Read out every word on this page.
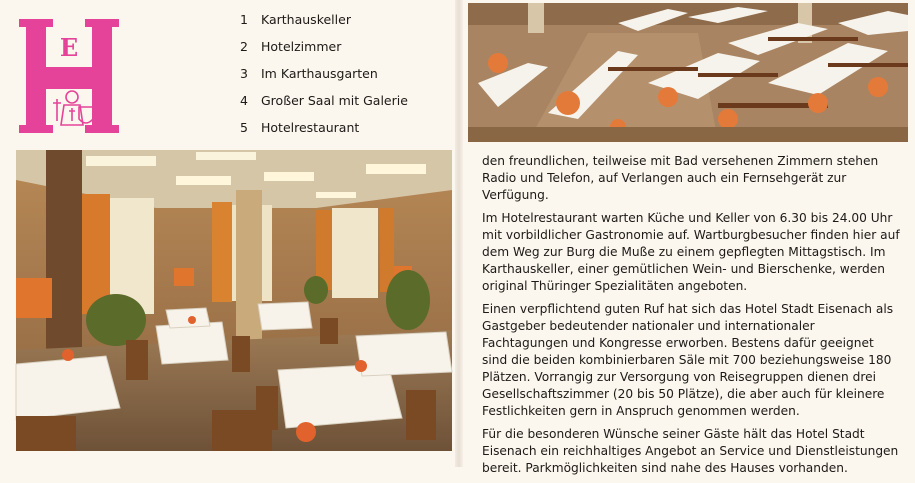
E
1	Karthauskeller
2	Hotelzimmer
3	Im Karthausgarten
4	Großer Saal mit Galerie
5	Hotelrestaurant

den freundlichen, teilweise mit Bad versehenen Zimmern stehen Radio und Telefon, auf Verlangen auch ein Fernsehgerät zur Verfügung.

Im Hotelrestaurant warten Küche und Keller von 6.30 bis 24.00 Uhr mit vorbildlicher Gastronomie auf. Wartburgbesucher finden hier auf dem Weg zur Burg die Muße zu einem gepflegten Mittagstisch. Im Karthauskeller, einer gemütlichen Wein- und Bierschenke, werden original Thüringer Spezialitäten angeboten.

Einen verpflichtend guten Ruf hat sich das Hotel Stadt Eisenach als Gastgeber bedeutender nationaler und internationaler Fachtagungen und Kongresse erworben. Bestens dafür geeignet sind die beiden kombinierbaren Säle mit 700 beziehungsweise 180 Plätzen. Vorrangig zur Versorgung von Reisegruppen dienen drei Gesellschaftszimmer (20 bis 50 Plätze), die aber auch für kleinere Festlichkeiten gern in Anspruch genommen werden.

Für die besonderen Wünsche seiner Gäste hält das Hotel Stadt Eisenach ein reichhaltiges Angebot an Service und Dienstleistungen bereit. Parkmöglichkeiten sind nahe des Hauses vorhanden.
